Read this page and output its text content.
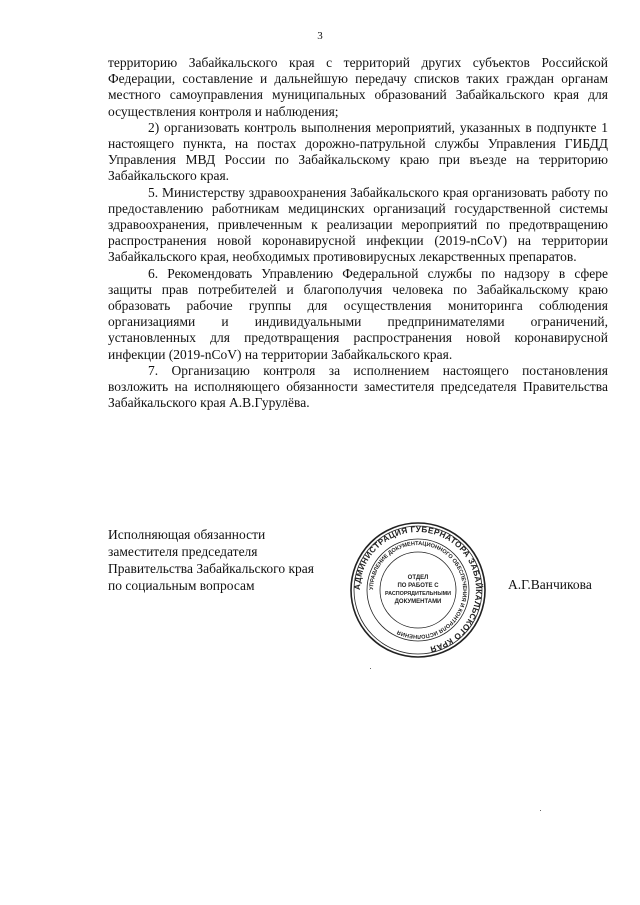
3

территорию Забайкальского края с территорий других субъектов Российской Федерации, составление и дальнейшую передачу списков таких граждан органам местного самоуправления муниципальных образований Забайкальского края для осуществления контроля и наблюдения;

2) организовать контроль выполнения мероприятий, указанных в подпункте 1 настоящего пункта, на постах дорожно-патрульной службы Управления ГИБДД Управления МВД России по Забайкальскому краю при въезде на территорию Забайкальского края.

5. Министерству здравоохранения Забайкальского края организовать работу по предоставлению работникам медицинских организаций государственной системы здравоохранения, привлеченным к реализации мероприятий по предотвращению распространения новой коронавирусной инфекции (2019-nCoV) на территории Забайкальского края, необходимых противовирусных лекарственных препаратов.

6. Рекомендовать Управлению Федеральной службы по надзору в сфере защиты прав потребителей и благополучия человека по Забайкальскому краю образовать рабочие группы для осуществления мониторинга соблюдения организациями и индивидуальными предпринимателями ограничений, установленных для предотвращения распространения новой коронавирусной инфекции (2019-nCoV) на территории Забайкальского края.

7. Организацию контроля за исполнением настоящего постановления возложить на исполняющего обязанности заместителя председателя Правительства Забайкальского края А.В.Гурулёва.

Исполняющая обязанности
заместителя председателя
Правительства Забайкальского края
по социальным вопросам	АДМИНИСТРАЦИЯ ГУБЕРНАТОРА ЗАБАЙКАЛЬСКОГО КРАЯ
УПРАВЛЕНИЕ ДОКУМЕНТАЦИОННОГО ОБЕСПЕЧЕНИЯ И КОНТРОЛЯ ИСПОЛНЕНИЯ
ОТДЕЛ
ПО РАБОТЕ С
РАСПОРЯДИТЕЛЬНЫМИ
ДОКУМЕНТАМИ
А.Г.Ванчикова
